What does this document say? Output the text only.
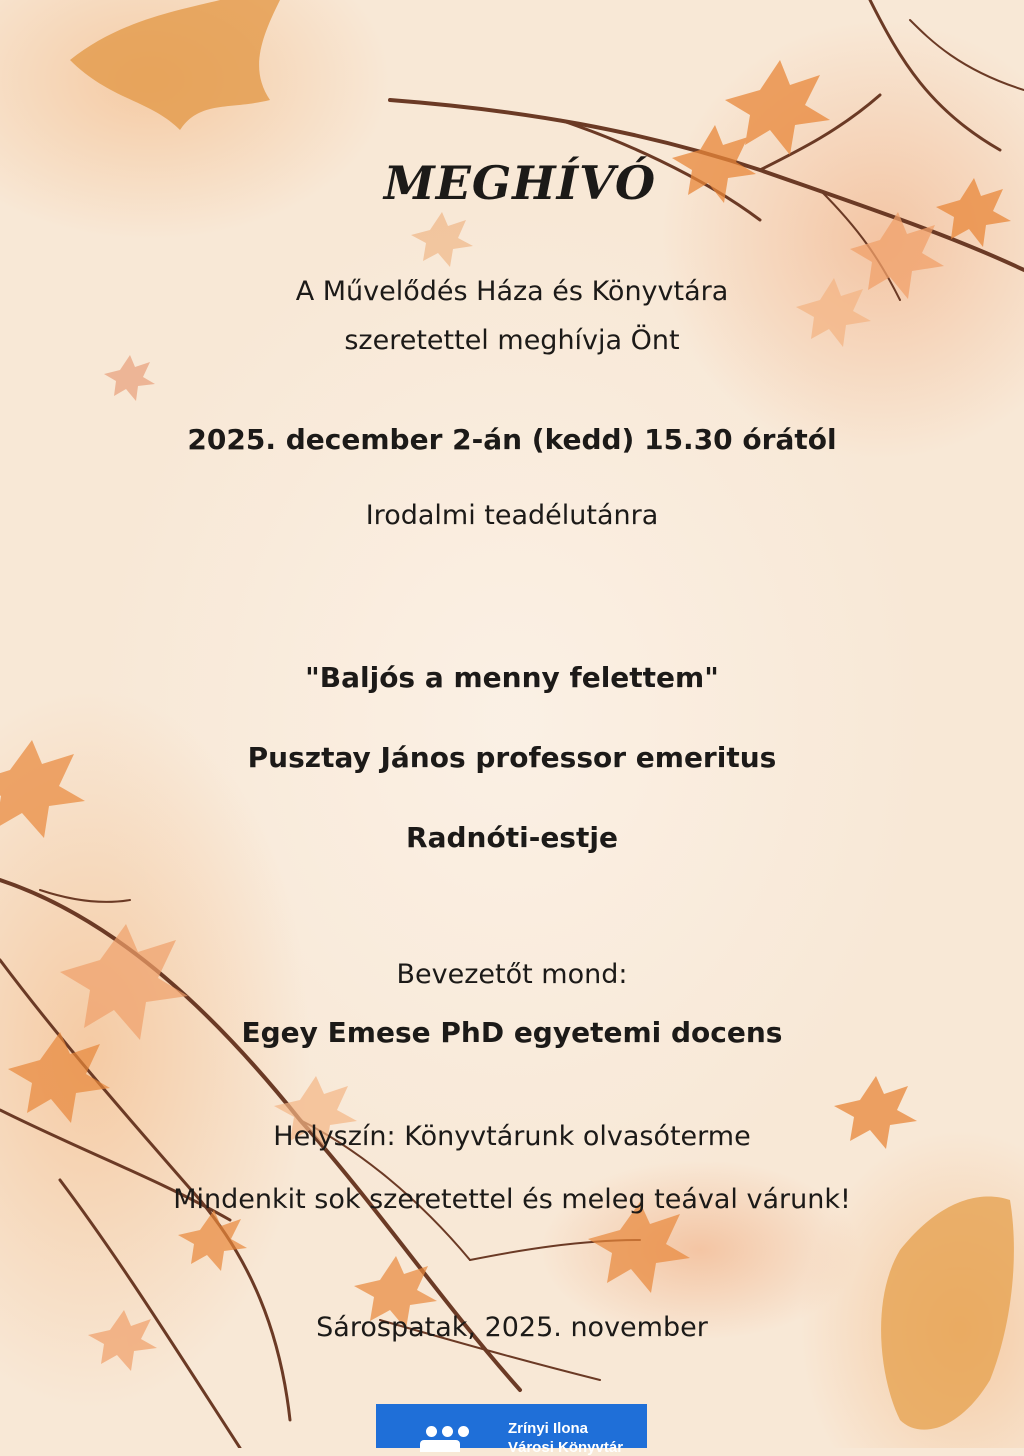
MEGHÍVÓ
A Művelődés Háza és Könyvtára
szeretettel meghívja Önt
2025. december 2-án (kedd) 15.30 órától
Irodalmi teadélutánra
"Baljós a menny felettem"
Pusztay János professor emeritus
Radnóti-estje
Bevezetőt mond:
Egey Emese PhD egyetemi docens
Helyszín: Könyvtárunk olvasóterme
Mindenkit sok szeretettel és meleg teával várunk!
Sárospatak, 2025. november
Zrínyi Ilona
Városi Könyvtár
